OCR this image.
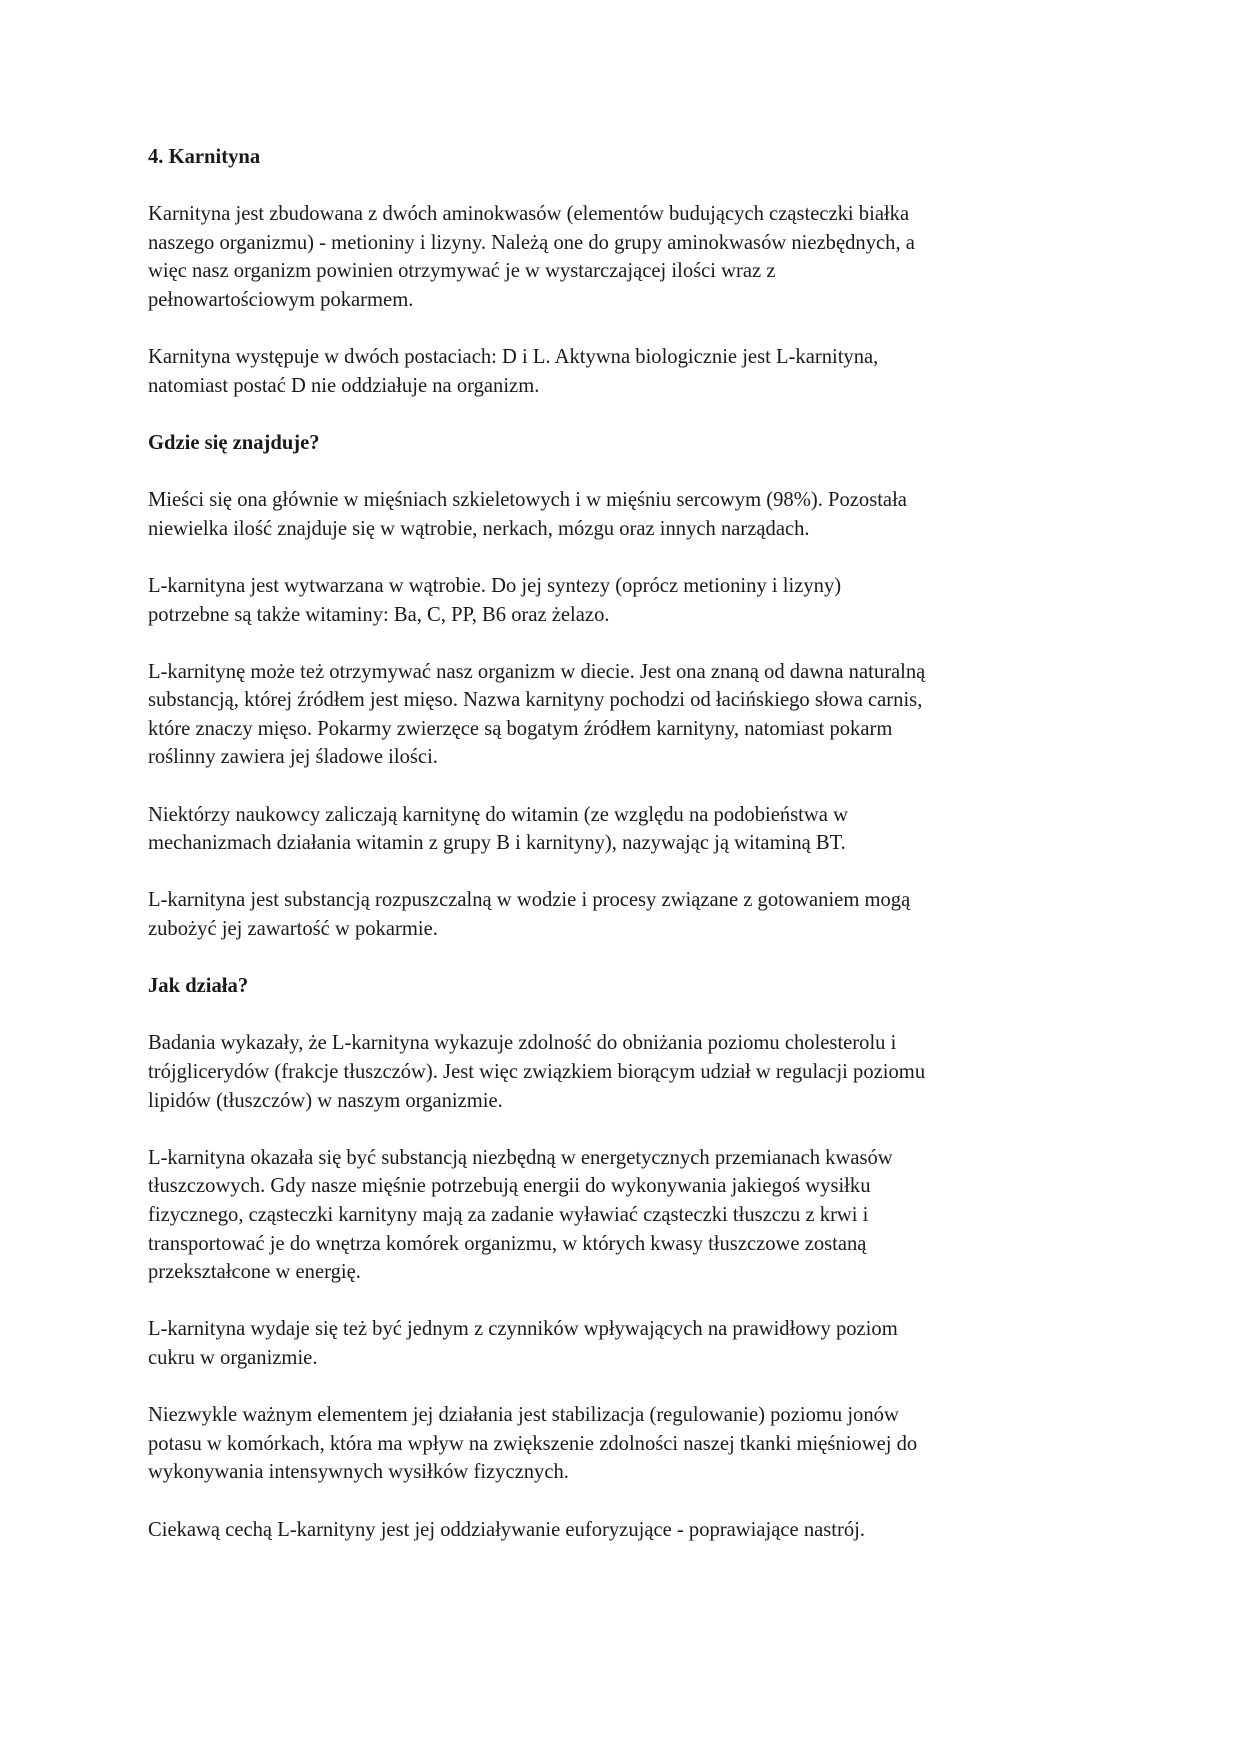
4. Karnityna
Karnityna jest zbudowana z dwóch aminokwasów (elementów budujących cząsteczki białka
naszego organizmu) - metioniny i lizyny. Należą one do grupy aminokwasów niezbędnych, a
więc nasz organizm powinien otrzymywać je w wystarczającej ilości wraz z
pełnowartościowym pokarmem.
Karnityna występuje w dwóch postaciach: D i L. Aktywna biologicznie jest L-karnityna,
natomiast postać D nie oddziałuje na organizm.
Gdzie się znajduje?
Mieści się ona głównie w mięśniach szkieletowych i w mięśniu sercowym (98%). Pozostała
niewielka ilość znajduje się w wątrobie, nerkach, mózgu oraz innych narządach.
L-karnityna jest wytwarzana w wątrobie. Do jej syntezy (oprócz metioniny i lizyny)
potrzebne są także witaminy: Ba, C, PP, B6 oraz żelazo.
L-karnitynę może też otrzymywać nasz organizm w diecie. Jest ona znaną od dawna naturalną
substancją, której źródłem jest mięso. Nazwa karnityny pochodzi od łacińskiego słowa carnis,
które znaczy mięso. Pokarmy zwierzęce są bogatym źródłem karnityny, natomiast pokarm
roślinny zawiera jej śladowe ilości.
Niektórzy naukowcy zaliczają karnitynę do witamin (ze względu na podobieństwa w
mechanizmach działania witamin z grupy B i karnityny), nazywając ją witaminą BT.
L-karnityna jest substancją rozpuszczalną w wodzie i procesy związane z gotowaniem mogą
zubożyć jej zawartość w pokarmie.
Jak działa?
Badania wykazały, że L-karnityna wykazuje zdolność do obniżania poziomu cholesterolu i
trójglicerydów (frakcje tłuszczów). Jest więc związkiem biorącym udział w regulacji poziomu
lipidów (tłuszczów) w naszym organizmie.
L-karnityna okazała się być substancją niezbędną w energetycznych przemianach kwasów
tłuszczowych. Gdy nasze mięśnie potrzebują energii do wykonywania jakiegoś wysiłku
fizycznego, cząsteczki karnityny mają za zadanie wyławiać cząsteczki tłuszczu z krwi i
transportować je do wnętrza komórek organizmu, w których kwasy tłuszczowe zostaną
przekształcone w energię.
L-karnityna wydaje się też być jednym z czynników wpływających na prawidłowy poziom
cukru w organizmie.
Niezwykle ważnym elementem jej działania jest stabilizacja (regulowanie) poziomu jonów
potasu w komórkach, która ma wpływ na zwiększenie zdolności naszej tkanki mięśniowej do
wykonywania intensywnych wysiłków fizycznych.
Ciekawą cechą L-karnityny jest jej oddziaływanie euforyzujące - poprawiające nastrój.
